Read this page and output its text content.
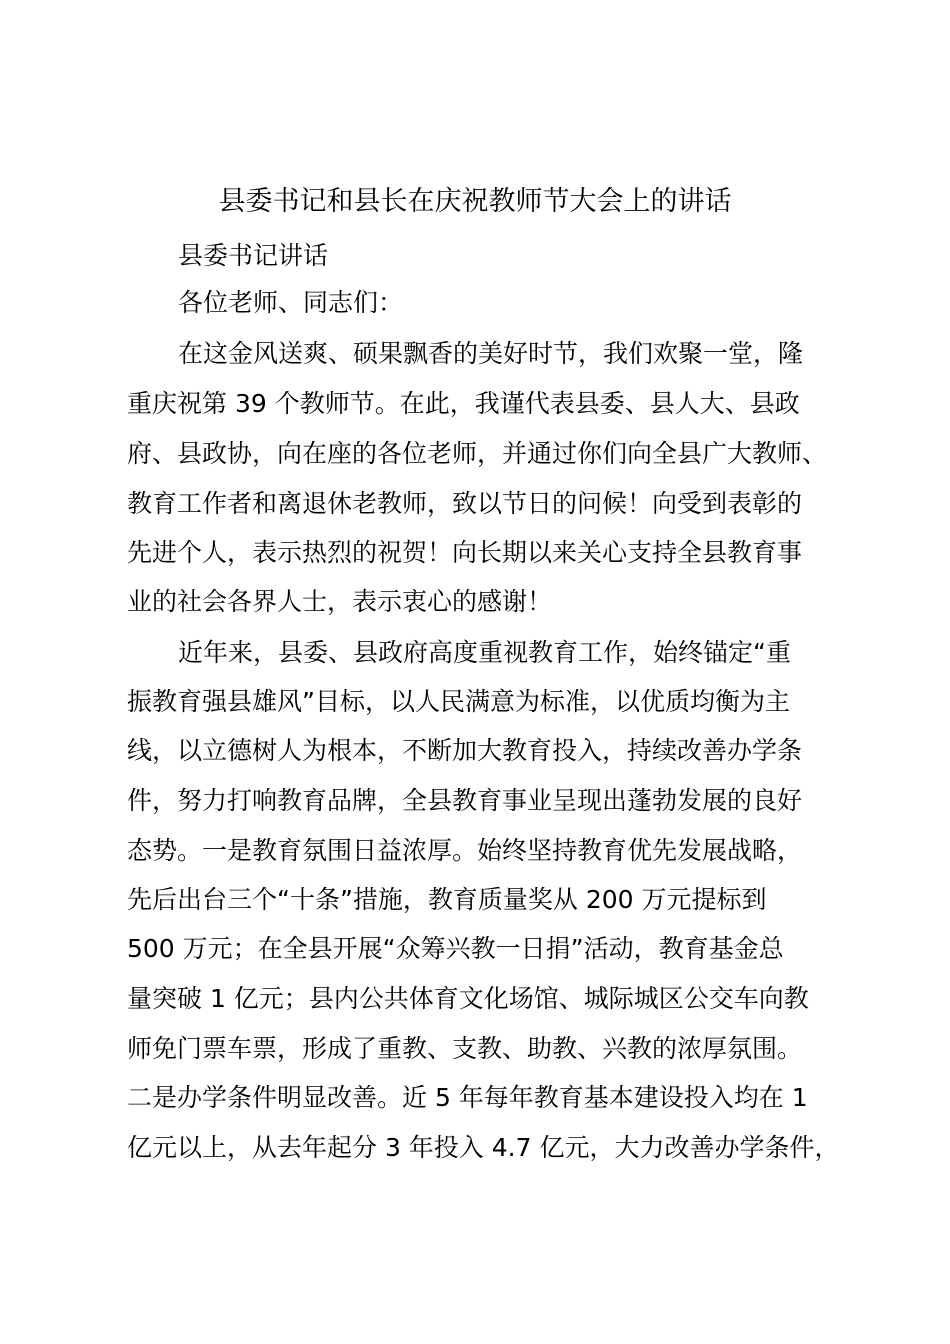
县委书记和县长在庆祝教师节大会上的讲话
县委书记讲话
各位老师、同志们：
在这金风送爽、硕果飘香的美好时节，我们欢聚一堂，隆
重庆祝第 39 个教师节。在此，我谨代表县委、县人大、县政
府、县政协，向在座的各位老师，并通过你们向全县广大教师、
教育工作者和离退休老教师，致以节日的问候！向受到表彰的
先进个人，表示热烈的祝贺！向长期以来关心支持全县教育事
业的社会各界人士，表示衷心的感谢！
近年来，县委、县政府高度重视教育工作，始终锚定“重
振教育强县雄风”目标，以人民满意为标准，以优质均衡为主
线，以立德树人为根本，不断加大教育投入，持续改善办学条
件，努力打响教育品牌，全县教育事业呈现出蓬勃发展的良好
态势。一是教育氛围日益浓厚。始终坚持教育优先发展战略，
先后出台三个“十条”措施，教育质量奖从 200 万元提标到
500 万元；在全县开展“众筹兴教一日捐”活动，教育基金总
量突破 1 亿元；县内公共体育文化场馆、城际城区公交车向教
师免门票车票，形成了重教、支教、助教、兴教的浓厚氛围。
二是办学条件明显改善。近 5 年每年教育基本建设投入均在 1
亿元以上，从去年起分 3 年投入 4.7 亿元，大力改善办学条件，
